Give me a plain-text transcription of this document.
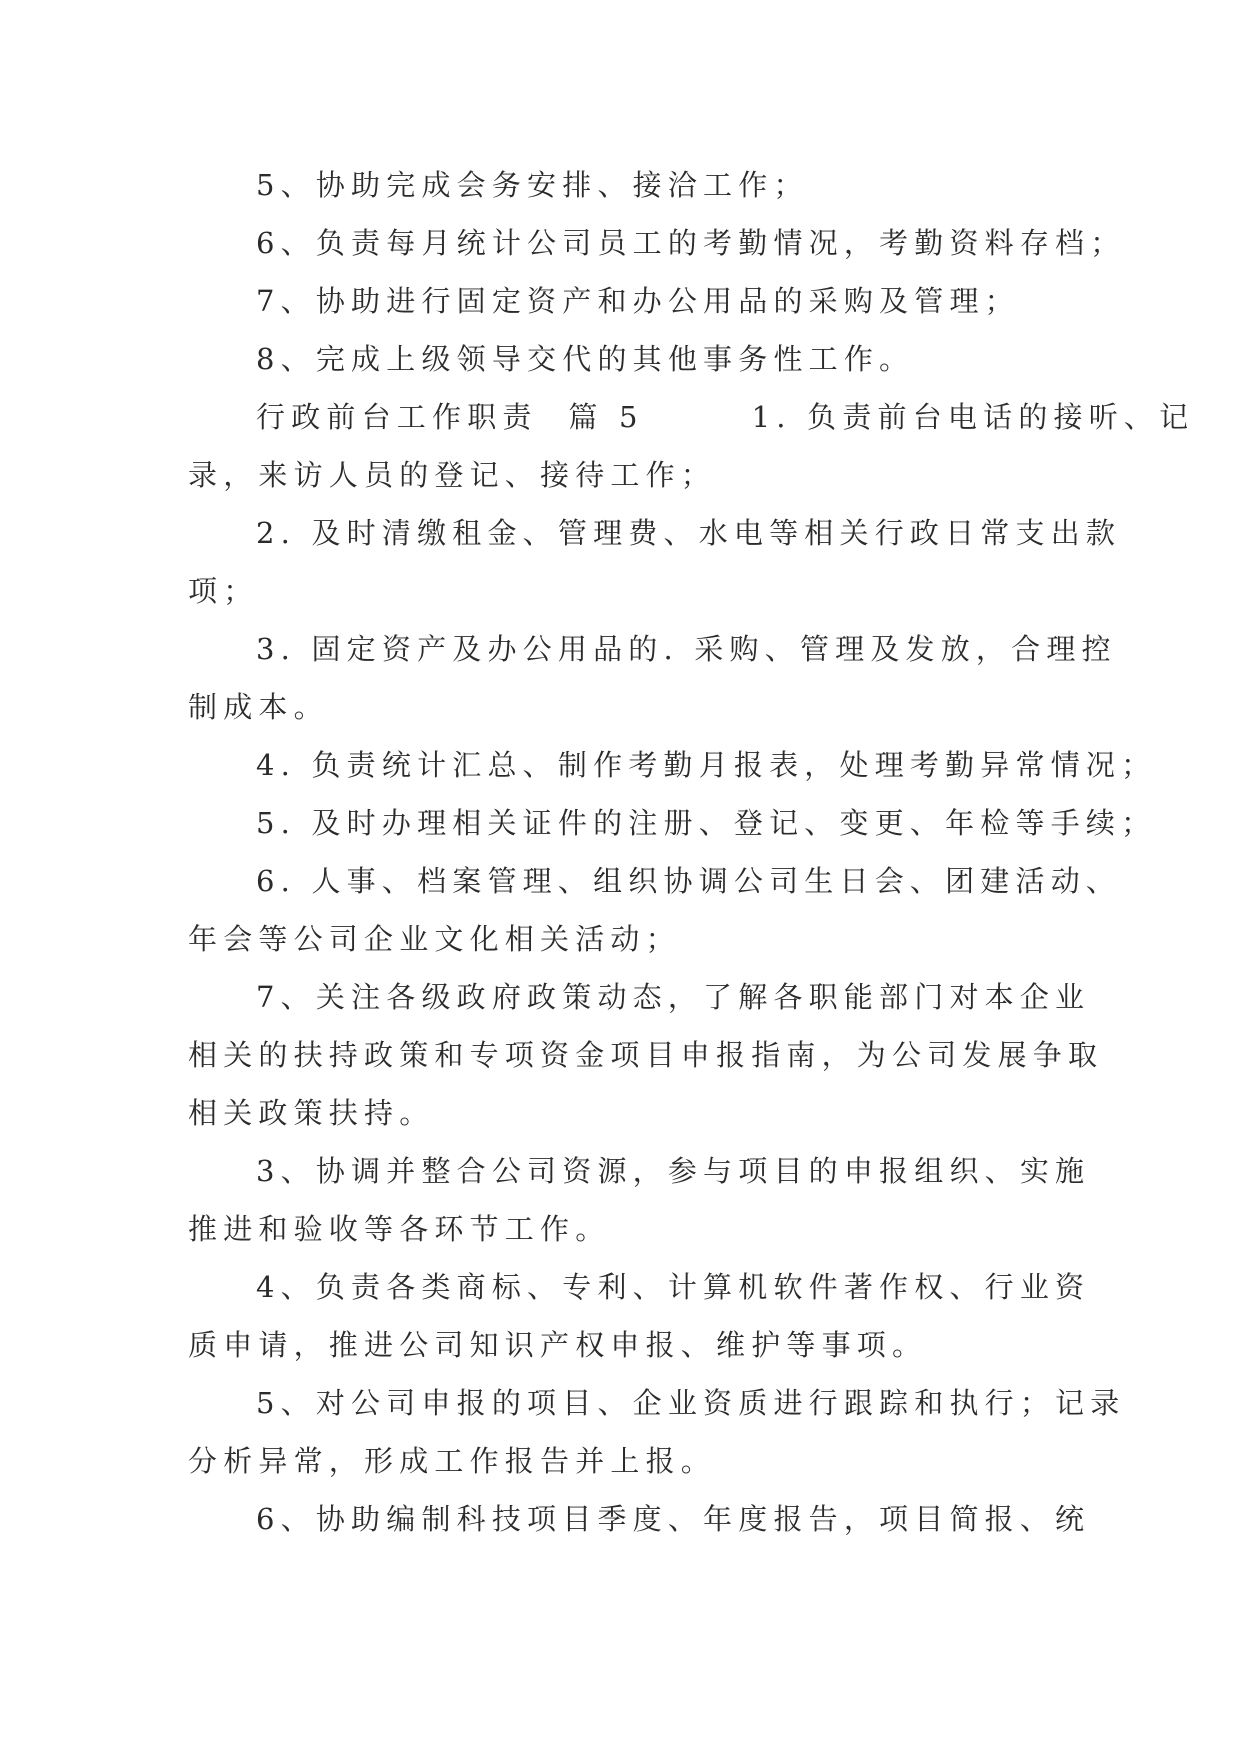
5、协助完成会务安排、接洽工作；

6、负责每月统计公司员工的考勤情况，考勤资料存档；

7、协助进行固定资产和办公用品的采购及管理；

8、完成上级领导交代的其他事务性工作。

行政前台工作职责  篇 5       1. 负责前台电话的接听、记

录，来访人员的登记、接待工作；

2. 及时清缴租金、管理费、水电等相关行政日常支出款

项；

3. 固定资产及办公用品的. 采购、管理及发放，合理控

制成本。

4. 负责统计汇总、制作考勤月报表，处理考勤异常情况；

5. 及时办理相关证件的注册、登记、变更、年检等手续；

6. 人事、档案管理、组织协调公司生日会、团建活动、

年会等公司企业文化相关活动；

7、关注各级政府政策动态，了解各职能部门对本企业

相关的扶持政策和专项资金项目申报指南，为公司发展争取

相关政策扶持。

3、协调并整合公司资源，参与项目的申报组织、实施

推进和验收等各环节工作。

4、负责各类商标、专利、计算机软件著作权、行业资

质申请，推进公司知识产权申报、维护等事项。

5、对公司申报的项目、企业资质进行跟踪和执行；记录

分析异常，形成工作报告并上报。

6、协助编制科技项目季度、年度报告，项目简报、统
